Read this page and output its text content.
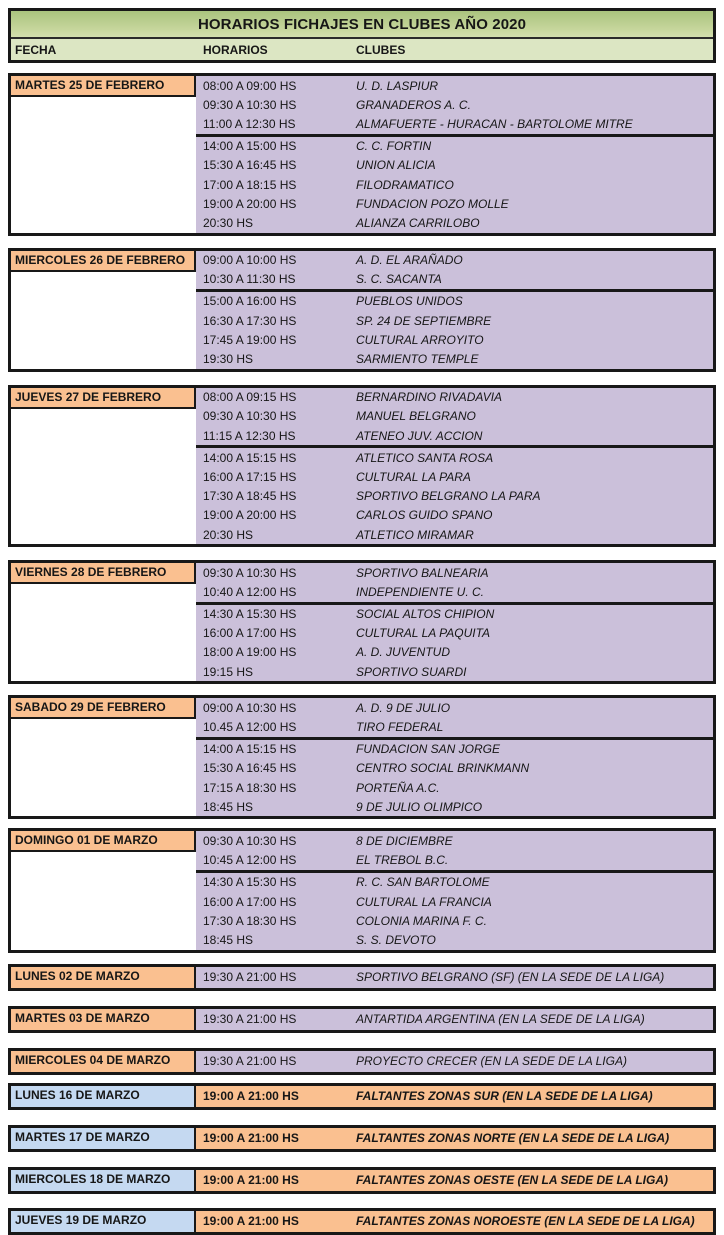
HORARIOS FICHAJES EN CLUBES AÑO 2020
FECHA	HORARIOS	CLUBES
MARTES 25 DE FEBRERO	08:00 A 09:00 HS	U. D. LASPIUR
09:30 A 10:30 HS	GRANADEROS A. C.
11:00 A 12:30 HS	ALMAFUERTE - HURACAN - BARTOLOME MITRE
14:00 A 15:00 HS	C. C. FORTIN
15:30 A 16:45 HS	UNION ALICIA
17:00 A 18:15 HS	FILODRAMATICO
19:00 A 20:00 HS	FUNDACION POZO MOLLE
20:30 HS	ALIANZA CARRILOBO
MIERCOLES 26 DE FEBRERO	09:00 A 10:00 HS	A. D. EL ARAÑADO
10:30 A 11:30 HS	S. C. SACANTA
15:00 A 16:00 HS	PUEBLOS UNIDOS
16:30 A 17:30 HS	SP. 24 DE SEPTIEMBRE
17:45 A 19:00 HS	CULTURAL ARROYITO
19:30 HS	SARMIENTO TEMPLE
JUEVES 27 DE FEBRERO	08:00 A 09:15 HS	BERNARDINO RIVADAVIA
09:30 A 10:30 HS	MANUEL BELGRANO
11:15 A 12:30 HS	ATENEO JUV. ACCION
14:00 A 15:15 HS	ATLETICO SANTA ROSA
16:00 A 17:15 HS	CULTURAL LA PARA
17:30 A 18:45 HS	SPORTIVO BELGRANO LA PARA
19:00 A 20:00 HS	CARLOS GUIDO SPANO
20:30 HS	ATLETICO MIRAMAR
VIERNES 28 DE FEBRERO	09:30 A 10:30 HS	SPORTIVO BALNEARIA
10:40 A 12:00 HS	INDEPENDIENTE U. C.
14:30 A 15:30 HS	SOCIAL ALTOS CHIPION
16:00 A 17:00 HS	CULTURAL LA PAQUITA
18:00 A 19:00 HS	A. D. JUVENTUD
19:15 HS	SPORTIVO SUARDI
SABADO 29 DE FEBRERO	09:00 A 10:30 HS	A. D. 9 DE JULIO
10.45 A 12:00 HS	TIRO FEDERAL
14:00 A 15:15 HS	FUNDACION SAN JORGE
15:30 A 16:45 HS	CENTRO SOCIAL BRINKMANN
17:15 A 18:30 HS	PORTEÑA A.C.
18:45 HS	9 DE JULIO OLIMPICO
DOMINGO 01 DE MARZO	09:30 A 10:30 HS	8 DE DICIEMBRE
10:45 A 12:00 HS	EL TREBOL B.C.
14:30 A 15:30 HS	R. C. SAN BARTOLOME
16:00 A 17:00 HS	CULTURAL LA FRANCIA
17:30 A 18:30 HS	COLONIA MARINA F. C.
18:45 HS	S. S. DEVOTO
LUNES 02 DE MARZO	19:30 A 21:00 HS	SPORTIVO BELGRANO (SF) (EN LA SEDE DE LA LIGA)
MARTES 03 DE MARZO	19:30 A 21:00 HS	ANTARTIDA ARGENTINA (EN LA SEDE DE LA LIGA)
MIERCOLES 04 DE MARZO	19:30 A 21:00 HS	PROYECTO CRECER (EN LA SEDE DE LA LIGA)
LUNES 16 DE MARZO	19:00 A 21:00 HS	FALTANTES ZONAS SUR (EN LA SEDE DE LA LIGA)
MARTES 17 DE MARZO	19:00 A 21:00 HS	FALTANTES ZONAS NORTE (EN LA SEDE DE LA LIGA)
MIERCOLES 18 DE MARZO	19:00 A 21:00 HS	FALTANTES ZONAS OESTE (EN LA SEDE DE LA LIGA)
JUEVES 19 DE MARZO	19:00 A 21:00 HS	FALTANTES ZONAS NOROESTE (EN LA SEDE DE LA LIGA)
